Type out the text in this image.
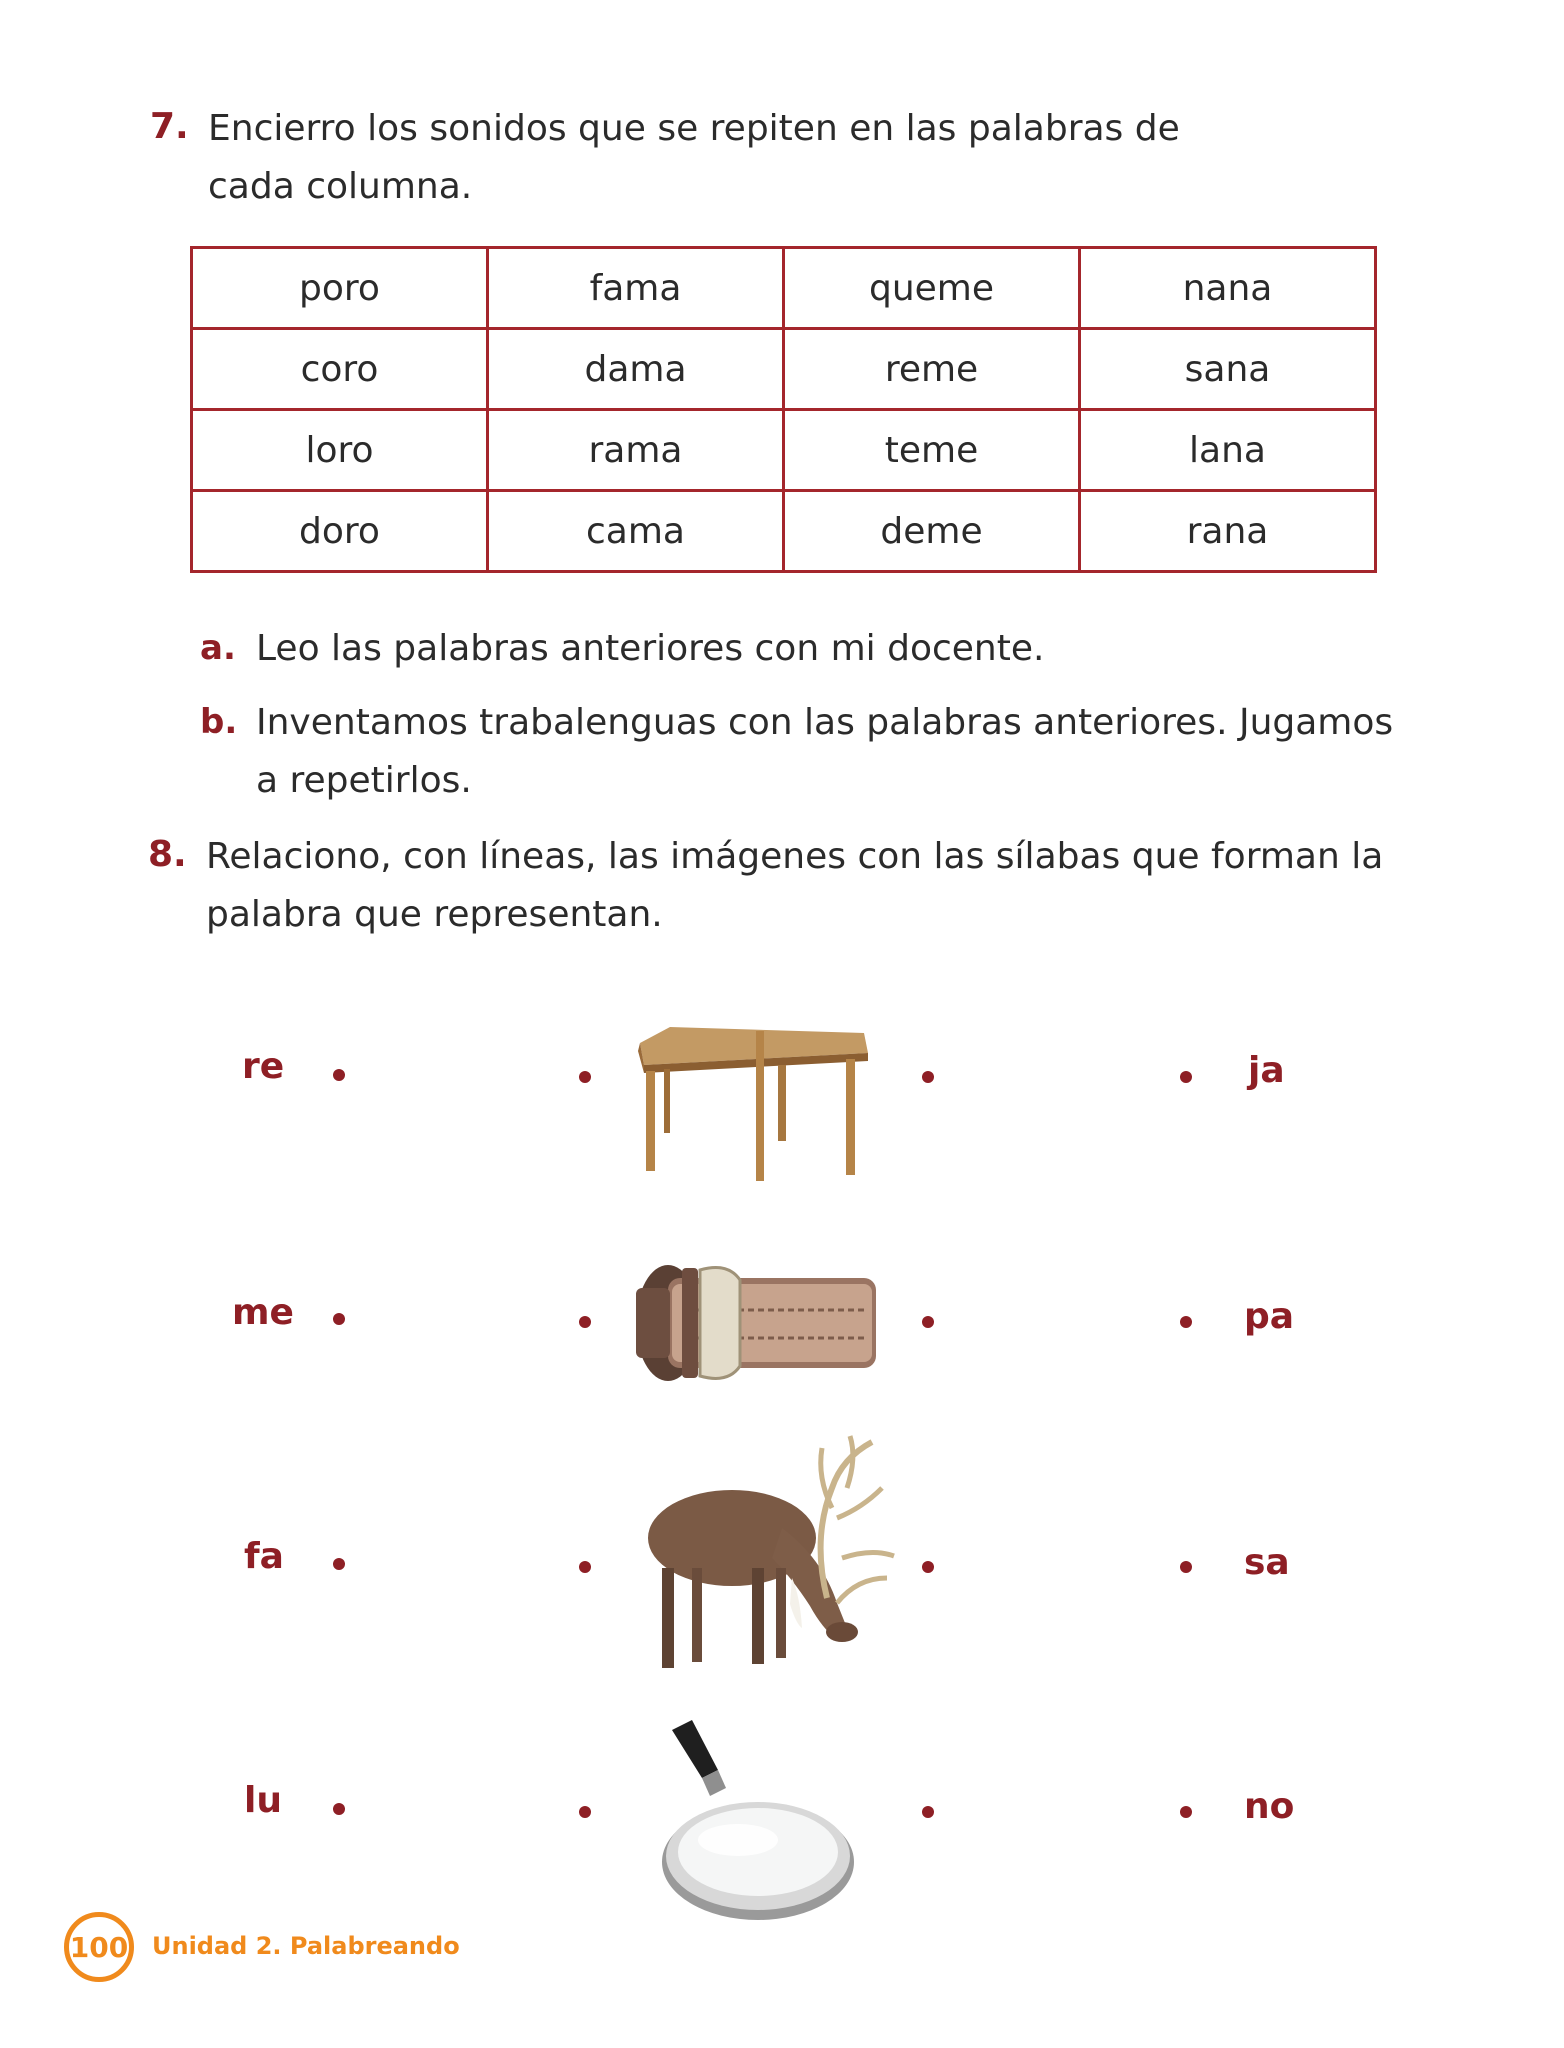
7. Encierro los sonidos que se repiten en las palabras de
cada columna.
poro	fama	queme	nana
coro	dama	reme	sana
loro	rama	teme	lana
doro	cama	deme	rana
a. Leo las palabras anteriores con mi docente.
b. Inventamos trabalenguas con las palabras anteriores. Jugamos
a repetirlos.
8. Relaciono, con líneas, las imágenes con las sílabas que forman la
palabra que representan.
re
me
fa
lu
ja
pa
sa
no
100 Unidad 2. Palabreando
